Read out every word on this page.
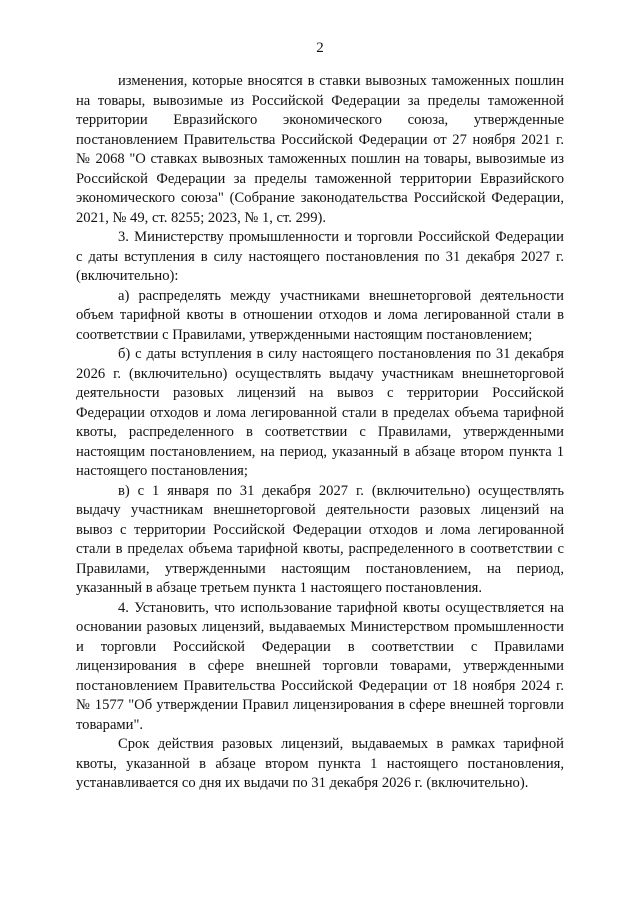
2

изменения, которые вносятся в ставки вывозных таможенных пошлин на товары, вывозимые из Российской Федерации за пределы таможенной территории Евразийского экономического союза, утвержденные постановлением Правительства Российской Федерации от 27 ноября 2021 г. № 2068 "О ставках вывозных таможенных пошлин на товары, вывозимые из Российской Федерации за пределы таможенной территории Евразийского экономического союза" (Собрание законодательства Российской Федерации, 2021, № 49, ст. 8255; 2023, № 1, ст. 299).

3. Министерству промышленности и торговли Российской Федерации с даты вступления в силу настоящего постановления по 31 декабря 2027 г. (включительно):

а) распределять между участниками внешнеторговой деятельности объем тарифной квоты в отношении отходов и лома легированной стали в соответствии с Правилами, утвержденными настоящим постановлением;

б) с даты вступления в силу настоящего постановления по 31 декабря 2026 г. (включительно) осуществлять выдачу участникам внешнеторговой деятельности разовых лицензий на вывоз с территории Российской Федерации отходов и лома легированной стали в пределах объема тарифной квоты, распределенного в соответствии с Правилами, утвержденными настоящим постановлением, на период, указанный в абзаце втором пункта 1 настоящего постановления;

в) с 1 января по 31 декабря 2027 г. (включительно) осуществлять выдачу участникам внешнеторговой деятельности разовых лицензий на вывоз с территории Российской Федерации отходов и лома легированной стали в пределах объема тарифной квоты, распределенного в соответствии с Правилами, утвержденными настоящим постановлением, на период, указанный в абзаце третьем пункта 1 настоящего постановления.

4. Установить, что использование тарифной квоты осуществляется на основании разовых лицензий, выдаваемых Министерством промышленности и торговли Российской Федерации в соответствии с Правилами лицензирования в сфере внешней торговли товарами, утвержденными постановлением Правительства Российской Федерации от 18 ноября 2024 г. № 1577 "Об утверждении Правил лицензирования в сфере внешней торговли товарами".

Срок действия разовых лицензий, выдаваемых в рамках тарифной квоты, указанной в абзаце втором пункта 1 настоящего постановления, устанавливается со дня их выдачи по 31 декабря 2026 г. (включительно).
